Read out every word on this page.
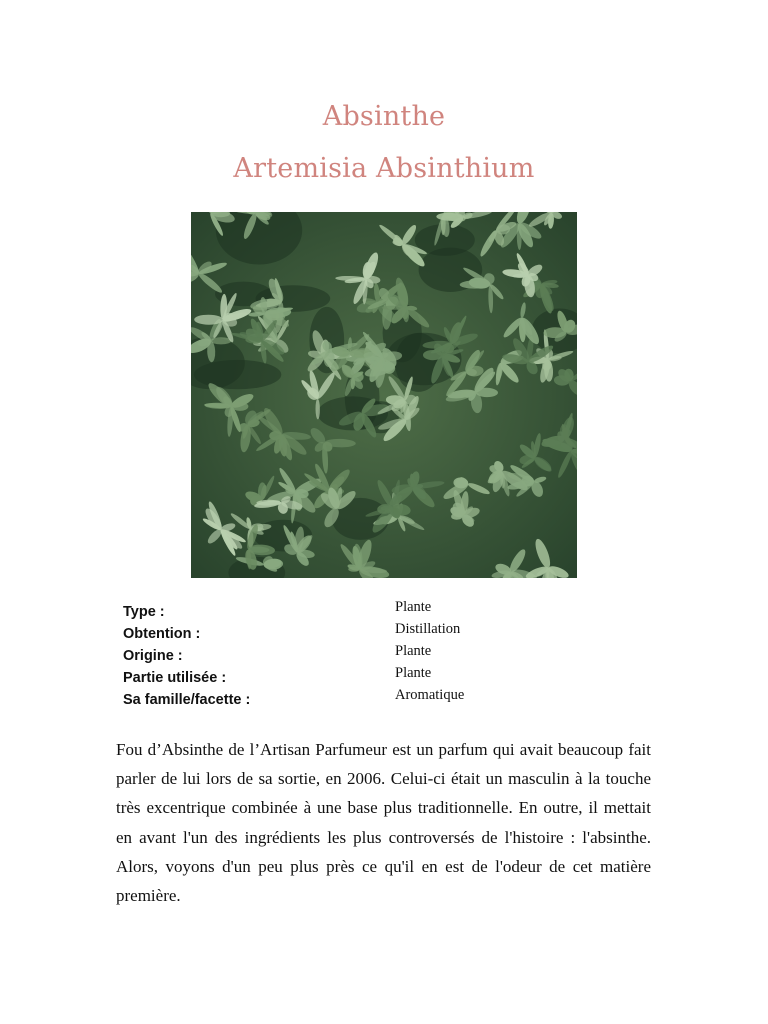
Absinthe
Artemisia Absinthium
Type :
Obtention :
Origine :
Partie utilisée :
Sa famille/facette :
Plante
Distillation
Plante
Plante
Aromatique

Fou d’Absinthe de l’Artisan Parfumeur est un parfum qui avait beaucoup fait parler de lui lors de sa sortie, en 2006. Celui-ci était un masculin à la touche très excentrique combinée à une base plus traditionnelle. En outre, il mettait en avant l'un des ingrédients les plus controversés de l'histoire : l'absinthe. Alors, voyons d'un peu plus près ce qu'il en est de l'odeur de cet matière première.
